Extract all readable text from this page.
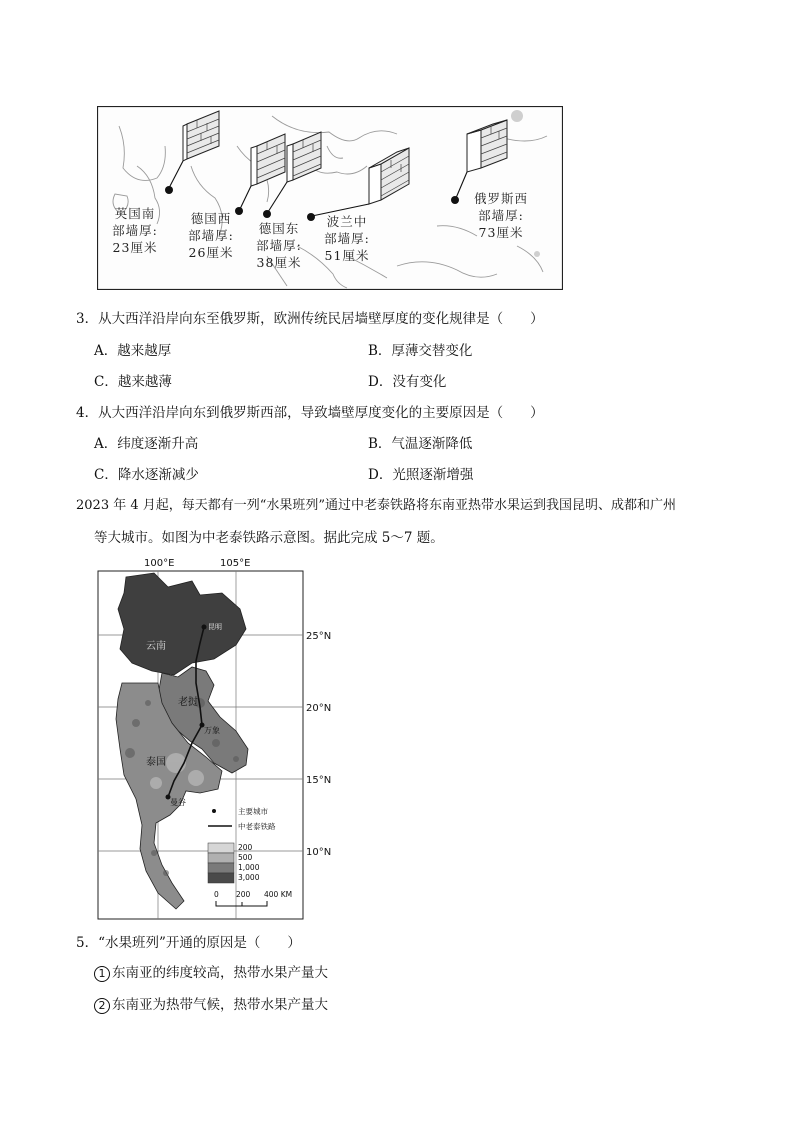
英国南
部墙厚:
23厘米
德国西
部墙厚:
26厘米
德国东
部墙厚:
38厘米
波兰中
部墙厚:
51厘米
俄罗斯西
部墙厚:
73厘米
3．从大西洋沿岸向东至俄罗斯，欧洲传统民居墙壁厚度的变化规律是（　　）
A．越来越厚	B．厚薄交替变化
C．越来越薄	D．没有变化
4．从大西洋沿岸向东到俄罗斯西部，导致墙壁厚度变化的主要原因是（　　）
A．纬度逐渐升高	B．气温逐渐降低
C．降水逐渐减少	D．光照逐渐增强
2023 年 4 月起，每天都有一列“水果班列”通过中老泰铁路将东南亚热带水果运到我国昆明、成都和广州
等大城市。如图为中老泰铁路示意图。据此完成 5～7 题。
昆明
万象
曼谷
云南
老挝
泰国
100°E	105°E
25°N
20°N
15°N
10°N
主要城市
中老泰铁路
200
500
1,000
3,000
0 200 400 KM
5．“水果班列”开通的原因是（　　）
1 东南亚的纬度较高，热带水果产量大
2 东南亚为热带气候，热带水果产量大
